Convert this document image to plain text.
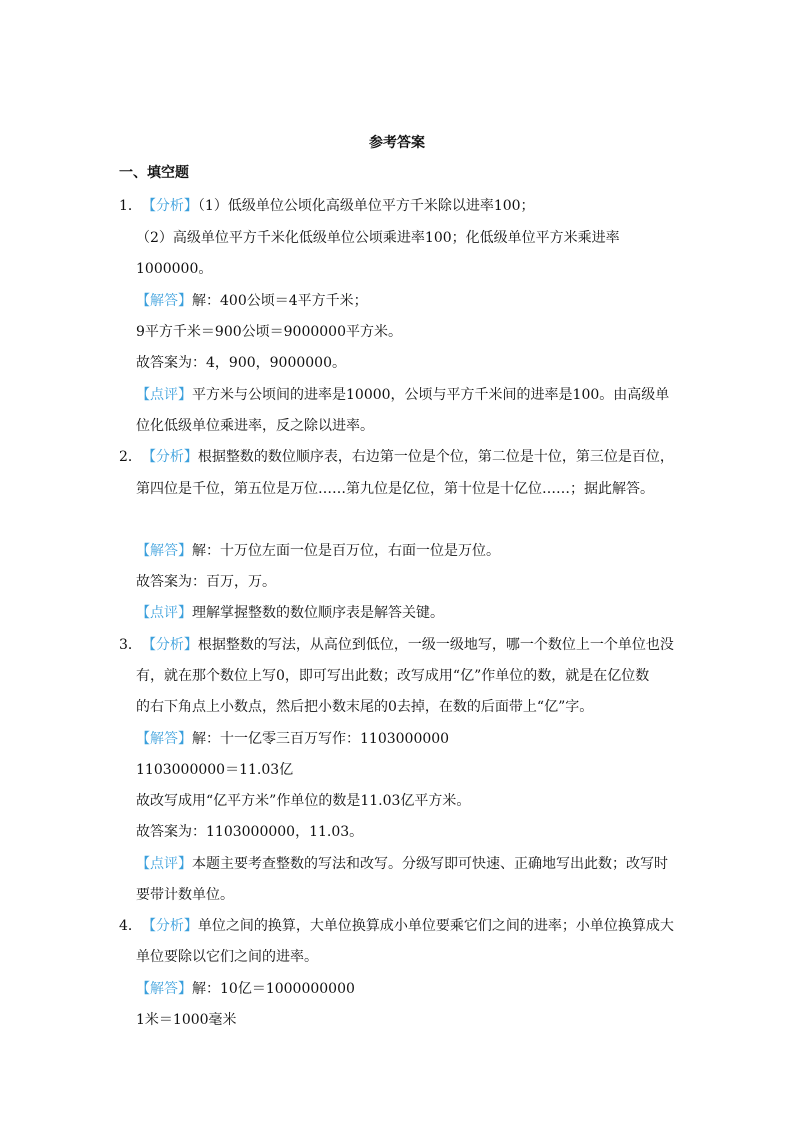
参考答案
一、填空题
1．【分析】（1）低级单位公顷化高级单位平方千米除以进率100；
（2）高级单位平方千米化低级单位公顷乘进率100；化低级单位平方米乘进率
1000000。
【解答】解：400公顷＝4平方千米；
9平方千米＝900公顷＝9000000平方米。
故答案为：4，900，9000000。
【点评】平方米与公顷间的进率是10000，公顷与平方千米间的进率是100。由高级单
位化低级单位乘进率，反之除以进率。
2．【分析】根据整数的数位顺序表，右边第一位是个位，第二位是十位，第三位是百位，
第四位是千位，第五位是万位……第九位是亿位，第十位是十亿位……；据此解答。
【解答】解：十万位左面一位是百万位，右面一位是万位。
故答案为：百万，万。
【点评】理解掌握整数的数位顺序表是解答关键。
3．【分析】根据整数的写法，从高位到低位，一级一级地写，哪一个数位上一个单位也没
有，就在那个数位上写0，即可写出此数；改写成用“亿”作单位的数，就是在亿位数
的右下角点上小数点，然后把小数末尾的0去掉，在数的后面带上“亿”字。
【解答】解：十一亿零三百万写作：1103000000
1103000000＝11.03亿
故改写成用“亿平方米”作单位的数是11.03亿平方米。
故答案为：1103000000，11.03。
【点评】本题主要考查整数的写法和改写。分级写即可快速、正确地写出此数；改写时
要带计数单位。
4．【分析】单位之间的换算，大单位换算成小单位要乘它们之间的进率；小单位换算成大
单位要除以它们之间的进率。
【解答】解：10亿＝1000000000
1米＝1000毫米
